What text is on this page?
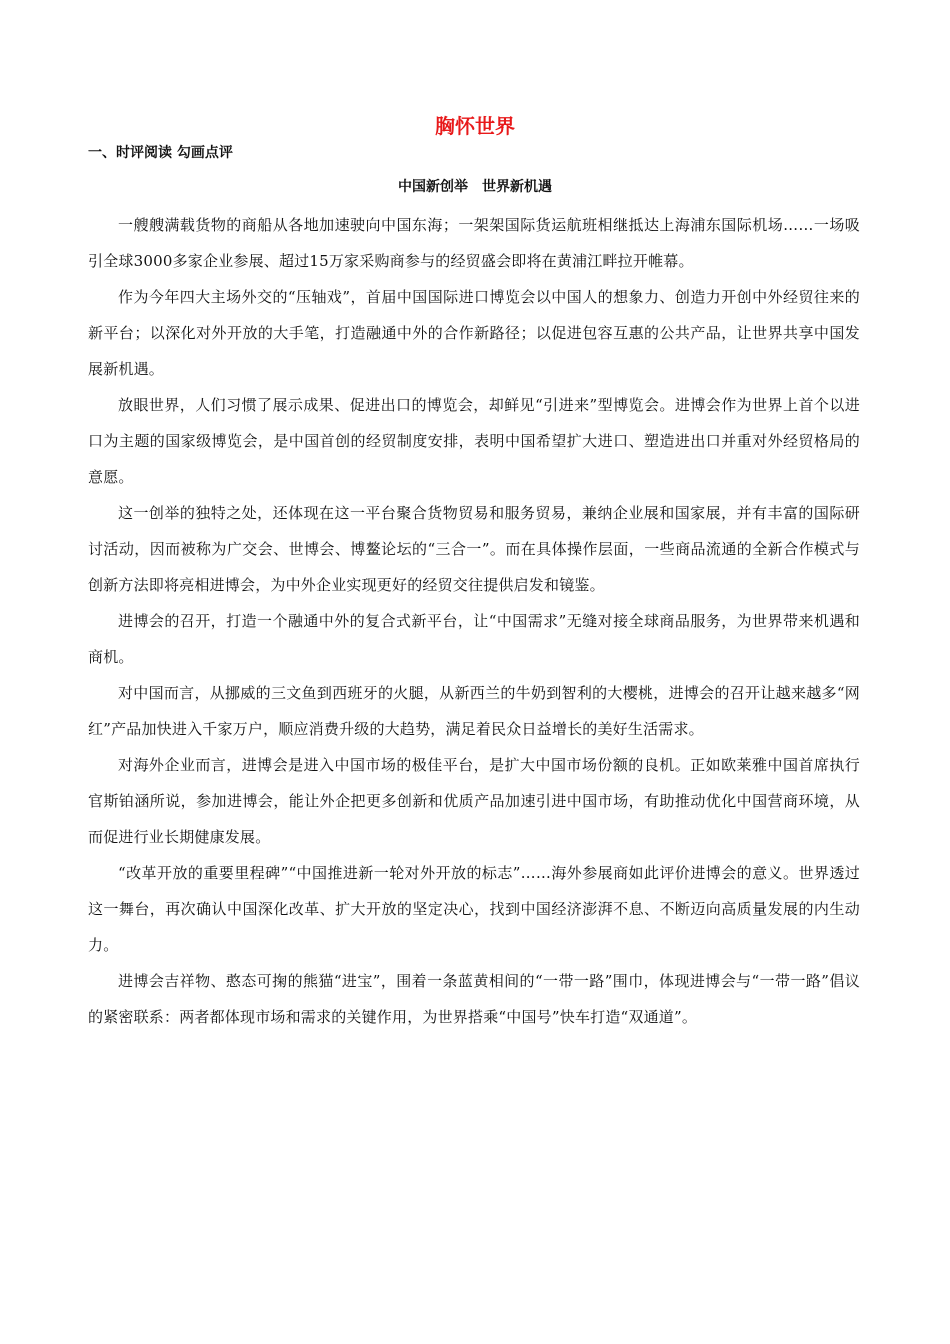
胸怀世界
一、时评阅读 勾画点评
中国新创举　世界新机遇

一艘艘满载货物的商船从各地加速驶向中国东海；一架架国际货运航班相继抵达上海浦东国际机场……一场吸引全球3000多家企业参展、超过15万家采购商参与的经贸盛会即将在黄浦江畔拉开帷幕。

作为今年四大主场外交的“压轴戏”，首届中国国际进口博览会以中国人的想象力、创造力开创中外经贸往来的新平台；以深化对外开放的大手笔，打造融通中外的合作新路径；以促进包容互惠的公共产品，让世界共享中国发展新机遇。

放眼世界，人们习惯了展示成果、促进出口的博览会，却鲜见“引进来”型博览会。进博会作为世界上首个以进口为主题的国家级博览会，是中国首创的经贸制度安排，表明中国希望扩大进口、塑造进出口并重对外经贸格局的意愿。

这一创举的独特之处，还体现在这一平台聚合货物贸易和服务贸易，兼纳企业展和国家展，并有丰富的国际研讨活动，因而被称为广交会、世博会、博鳌论坛的“三合一”。而在具体操作层面，一些商品流通的全新合作模式与创新方法即将亮相进博会，为中外企业实现更好的经贸交往提供启发和镜鉴。

进博会的召开，打造一个融通中外的复合式新平台，让“中国需求”无缝对接全球商品服务，为世界带来机遇和商机。

对中国而言，从挪威的三文鱼到西班牙的火腿，从新西兰的牛奶到智利的大樱桃，进博会的召开让越来越多“网红”产品加快进入千家万户，顺应消费升级的大趋势，满足着民众日益增长的美好生活需求。

对海外企业而言，进博会是进入中国市场的极佳平台，是扩大中国市场份额的良机。正如欧莱雅中国首席执行官斯铂涵所说，参加进博会，能让外企把更多创新和优质产品加速引进中国市场，有助推动优化中国营商环境，从而促进行业长期健康发展。

“改革开放的重要里程碑”“中国推进新一轮对外开放的标志”……海外参展商如此评价进博会的意义。世界透过这一舞台，再次确认中国深化改革、扩大开放的坚定决心，找到中国经济澎湃不息、不断迈向高质量发展的内生动力。

进博会吉祥物、憨态可掬的熊猫“进宝”，围着一条蓝黄相间的“一带一路”围巾，体现进博会与“一带一路”倡议的紧密联系：两者都体现市场和需求的关键作用，为世界搭乘“中国号”快车打造“双通道”。
